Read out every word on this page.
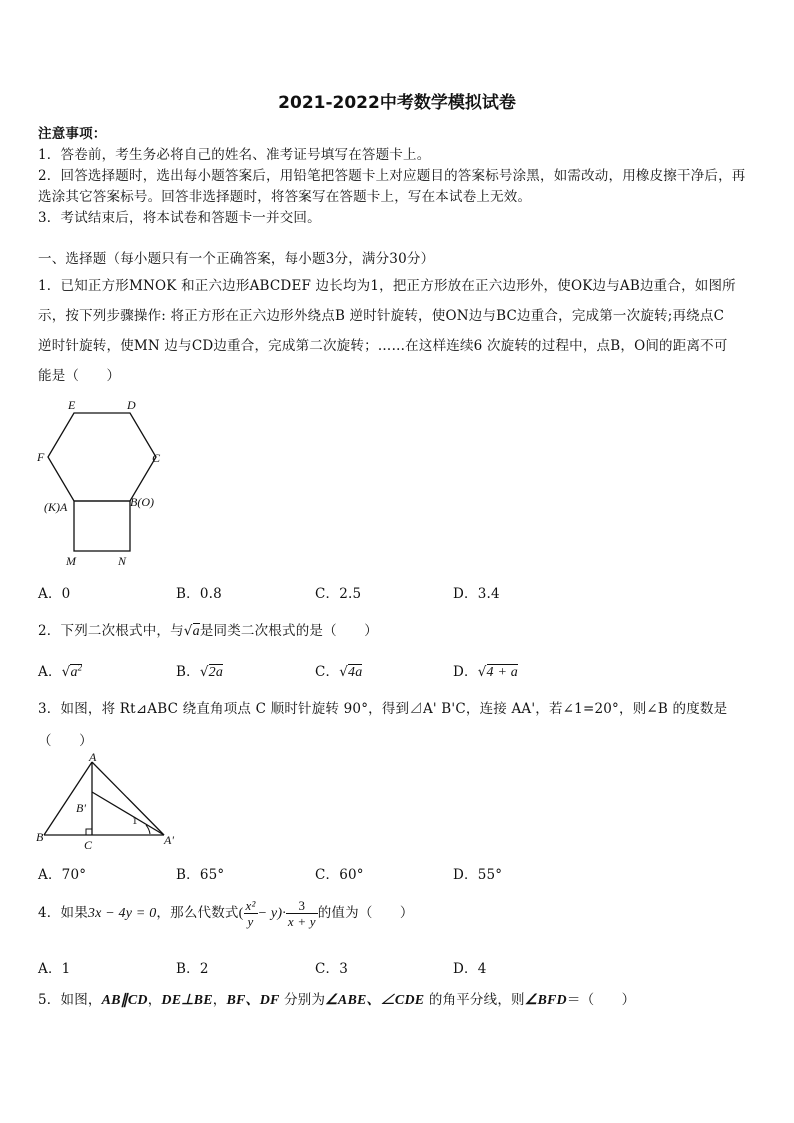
2021-2022中考数学模拟试卷
注意事项：
1．答卷前，考生务必将自己的姓名、准考证号填写在答题卡上。
2．回答选择题时，选出每小题答案后，用铅笔把答题卡上对应题目的答案标号涂黑，如需改动，用橡皮擦干净后，再
选涂其它答案标号。回答非选择题时，将答案写在答题卡上，写在本试卷上无效。
3．考试结束后，将本试卷和答题卡一并交回。
一、选择题（每小题只有一个正确答案，每小题3分，满分30分）
1．已知正方形MNOK 和正六边形ABCDEF 边长均为1，把正方形放在正六边形外，使OK边与AB边重合，如图所
示，按下列步骤操作: 将正方形在正六边形外绕点B 逆时针旋转，使ON边与BC边重合，完成第一次旋转;再绕点C
逆时针旋转，使MN 边与CD边重合，完成第二次旋转；……在这样连续6 次旋转的过程中，点B，O间的距离不可
能是（　　）
E	D
F	C
(K)A	B(O)
M	N
A．0	B．0.8	C．2.5	D．3.4
2．下列二次根式中，与√a是同类二次根式的是（　　）
A．$√a^2$	B．√2a	C．√4a	D．√4 + a
3．如图，将 Rt⊿ABC 绕直角项点 C 顺时针旋转 90°，得到⊿A' B'C，连接 AA'，若∠1=20°，则∠B 的度数是
（　　）
A
B'
1
B
C	A'
A．70°	B．65°	C．60°	D．55°
4．如果3x − 4y = 0，那么代数式( $\frac{\text{x²}}{y} - y)\cdot \frac{3}{x + y}$ 的值为（　　）
A．1	B．2	C．3	D．4
5．如图，AB∥CD，DE⊥BE，BF、DF 分别为∠ABE、∠CDE 的角平分线，则∠BFD＝（　　）
